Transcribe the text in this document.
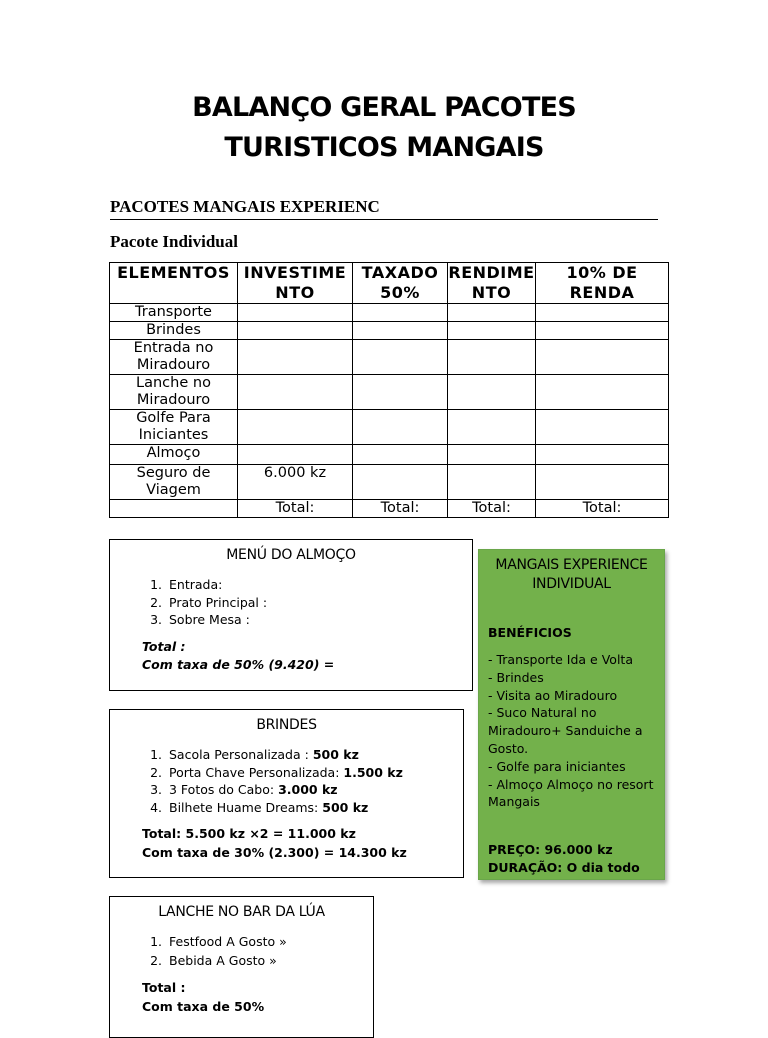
BALANÇO GERAL PACOTES
TURISTICOS MANGAIS
PACOTES MANGAIS EXPERIENC
Pacote Individual
ELEMENTOS	INVESTIMENTO	TAXADO 50%	RENDIMENTO	10% DE RENDA
Transporte				
Brindes				
Entrada no Miradouro				
Lanche no Miradouro				
Golfe Para Iniciantes				
Almoço				
Seguro de Viagem	6.000 kz			
	Total:	Total:	Total:	Total:
MENÚ DO ALMOÇO
1. Entrada:
2. Prato Principal :
3. Sobre Mesa :
Total :
Com taxa de 50% (9.420) =
BRINDES
1. Sacola Personalizada : 500 kz
2. Porta Chave Personalizada: 1.500 kz
3. 3 Fotos do Cabo: 3.000 kz
4. Bilhete Huame Dreams: 500 kz
Total: 5.500 kz ×2 = 11.000 kz
Com taxa de 30% (2.300) = 14.300 kz
LANCHE NO BAR DA LÚA
1. Festfood A Gosto »
2. Bebida A Gosto »
Total :
Com taxa de 50%
MANGAIS EXPERIENCE
INDIVIDUAL
BENÉFICIOS
- Transporte Ida e Volta
- Brindes
- Visita ao Miradouro
- Suco Natural no Miradouro+ Sanduiche a Gosto.
- Golfe para iniciantes
- Almoço Almoço no resort Mangais
PREÇO: 96.000 kz
DURAÇÃO: O dia todo
